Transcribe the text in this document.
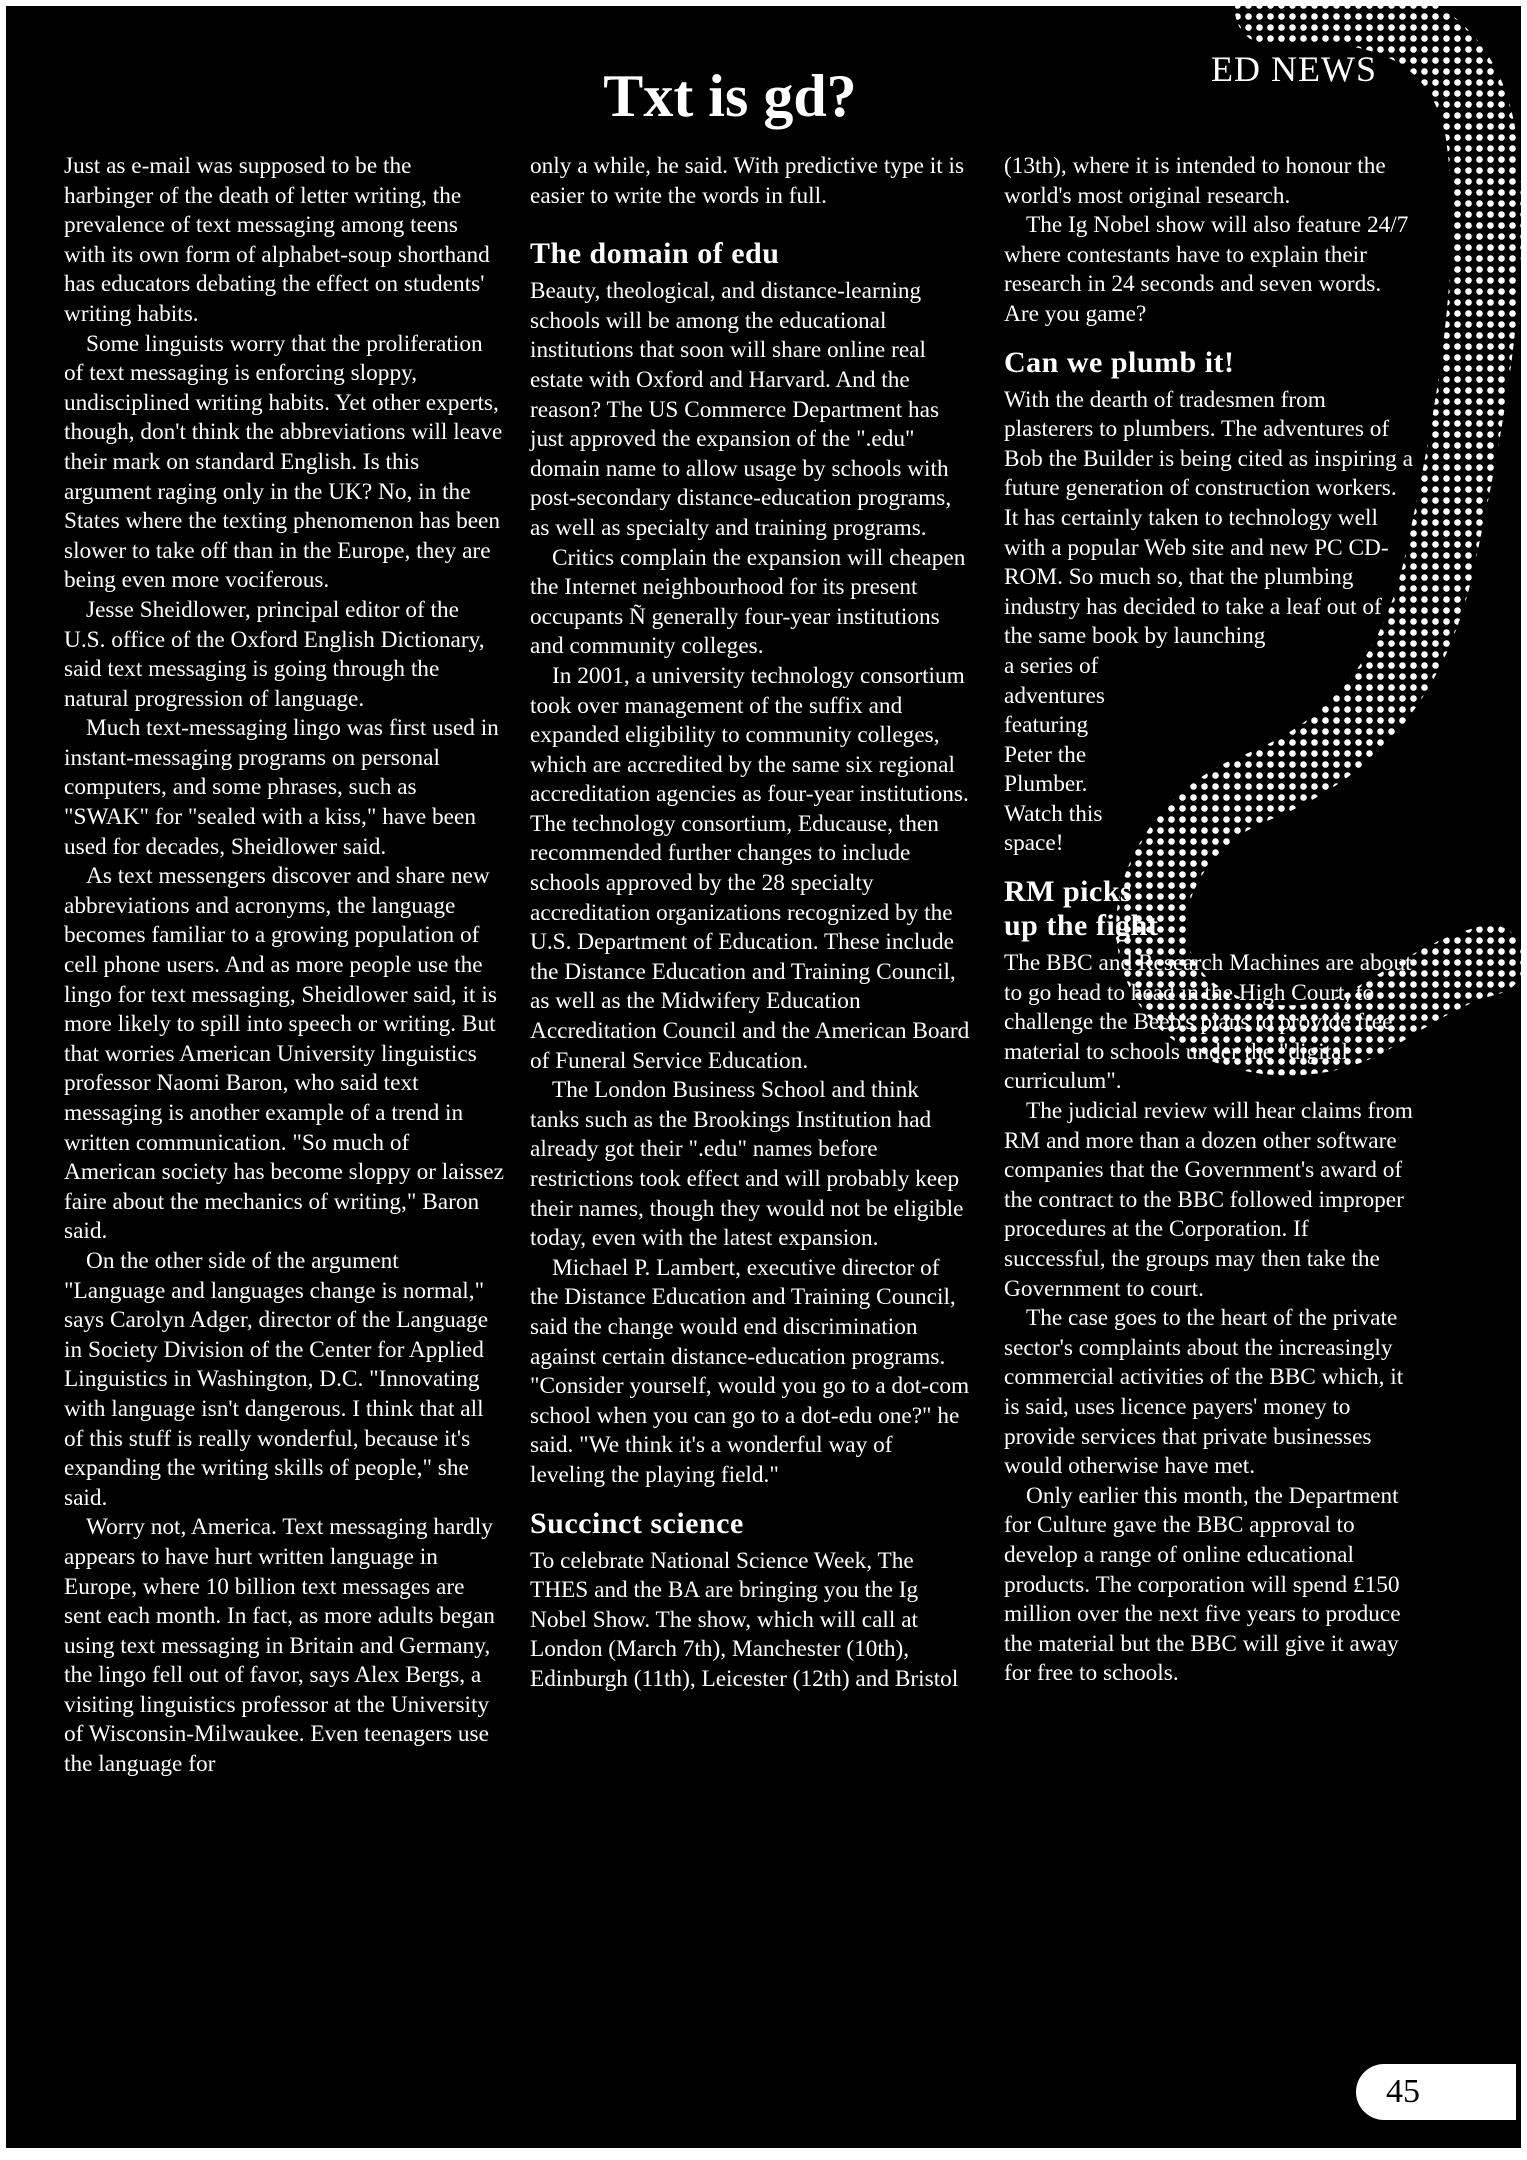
ED NEWS

Txt is gd?

Just as e-mail was supposed to be the harbinger of the death of letter writing, the prevalence of text messaging among teens with its own form of alphabet-soup shorthand has educators debating the effect on students' writing habits.

Some linguists worry that the proliferation of text messaging is enforcing sloppy, undisciplined writing habits. Yet other experts, though, don't think the abbreviations will leave their mark on standard English. Is this argument raging only in the UK? No, in the States where the texting phenomenon has been slower to take off than in the Europe, they are being even more vociferous.

Jesse Sheidlower, principal editor of the U.S. office of the Oxford English Dictionary, said text messaging is going through the natural progression of language.

Much text-messaging lingo was first used in instant-messaging programs on personal computers, and some phrases, such as "SWAK" for "sealed with a kiss," have been used for decades, Sheidlower said.

As text messengers discover and share new abbreviations and acronyms, the language becomes familiar to a growing population of cell phone users. And as more people use the lingo for text messaging, Sheidlower said, it is more likely to spill into speech or writing. But that worries American University linguistics professor Naomi Baron, who said text messaging is another example of a trend in written communication. "So much of American society has become sloppy or laissez faire about the mechanics of writing," Baron said.

On the other side of the argument "Language and languages change is normal," says Carolyn Adger, director of the Language in Society Division of the Center for Applied Linguistics in Washington, D.C. "Innovating with language isn't dangerous. I think that all of this stuff is really wonderful, because it's expanding the writing skills of people," she said.

Worry not, America. Text messaging hardly appears to have hurt written language in Europe, where 10 billion text messages are sent each month. In fact, as more adults began using text messaging in Britain and Germany, the lingo fell out of favor, says Alex Bergs, a visiting linguistics professor at the University of Wisconsin-Milwaukee. Even teenagers use the language for

only a while, he said. With predictive type it is easier to write the words in full.

The domain of edu

Beauty, theological, and distance-learning schools will be among the educational institutions that soon will share online real estate with Oxford and Harvard. And the reason? The US Commerce Department has just approved the expansion of the ".edu" domain name to allow usage by schools with post-secondary distance-education programs, as well as specialty and training programs.

Critics complain the expansion will cheapen the Internet neighbourhood for its present occupants Ñ generally four-year institutions and community colleges.

In 2001, a university technology consortium took over management of the suffix and expanded eligibility to community colleges, which are accredited by the same six regional accreditation agencies as four-year institutions. The technology consortium, Educause, then recommended further changes to include schools approved by the 28 specialty accreditation organizations recognized by the U.S. Department of Education. These include the Distance Education and Training Council, as well as the Midwifery Education Accreditation Council and the American Board of Funeral Service Education.

The London Business School and think tanks such as the Brookings Institution had already got their ".edu" names before restrictions took effect and will probably keep their names, though they would not be eligible today, even with the latest expansion.

Michael P. Lambert, executive director of the Distance Education and Training Council, said the change would end discrimination against certain distance-education programs. "Consider yourself, would you go to a dot-com school when you can go to a dot-edu one?" he said. "We think it's a wonderful way of leveling the playing field."

Succinct science

To celebrate National Science Week, The THES and the BA are bringing you the Ig Nobel Show. The show, which will call at London (March 7th), Manchester (10th), Edinburgh (11th), Leicester (12th) and Bristol

(13th), where it is intended to honour the world's most original research.

The Ig Nobel show will also feature 24/7 where contestants have to explain their research in 24 seconds and seven words. Are you game?

Can we plumb it!

With the dearth of tradesmen from plasterers to plumbers. The adventures of Bob the Builder is being cited as inspiring a future generation of construction workers. It has certainly taken to technology well with a popular Web site and new PC CD-ROM. So much so, that the plumbing industry has decided to take a leaf out of the same book by launching

a series of adventures featuring Peter the Plumber. Watch this space!

RM picks up the fight

The BBC and Research Machines are about to go head to head in the High Court, to challenge the Beeb's plans to provide free material to schools under the "digital curriculum".

The judicial review will hear claims from RM and more than a dozen other software companies that the Government's award of the contract to the BBC followed improper procedures at the Corporation. If successful, the groups may then take the Government to court.

The case goes to the heart of the private sector's complaints about the increasingly commercial activities of the BBC which, it is said, uses licence payers' money to provide services that private businesses would otherwise have met.

Only earlier this month, the Department for Culture gave the BBC approval to develop a range of online educational products. The corporation will spend £150 million over the next five years to produce the material but the BBC will give it away for free to schools.

45
